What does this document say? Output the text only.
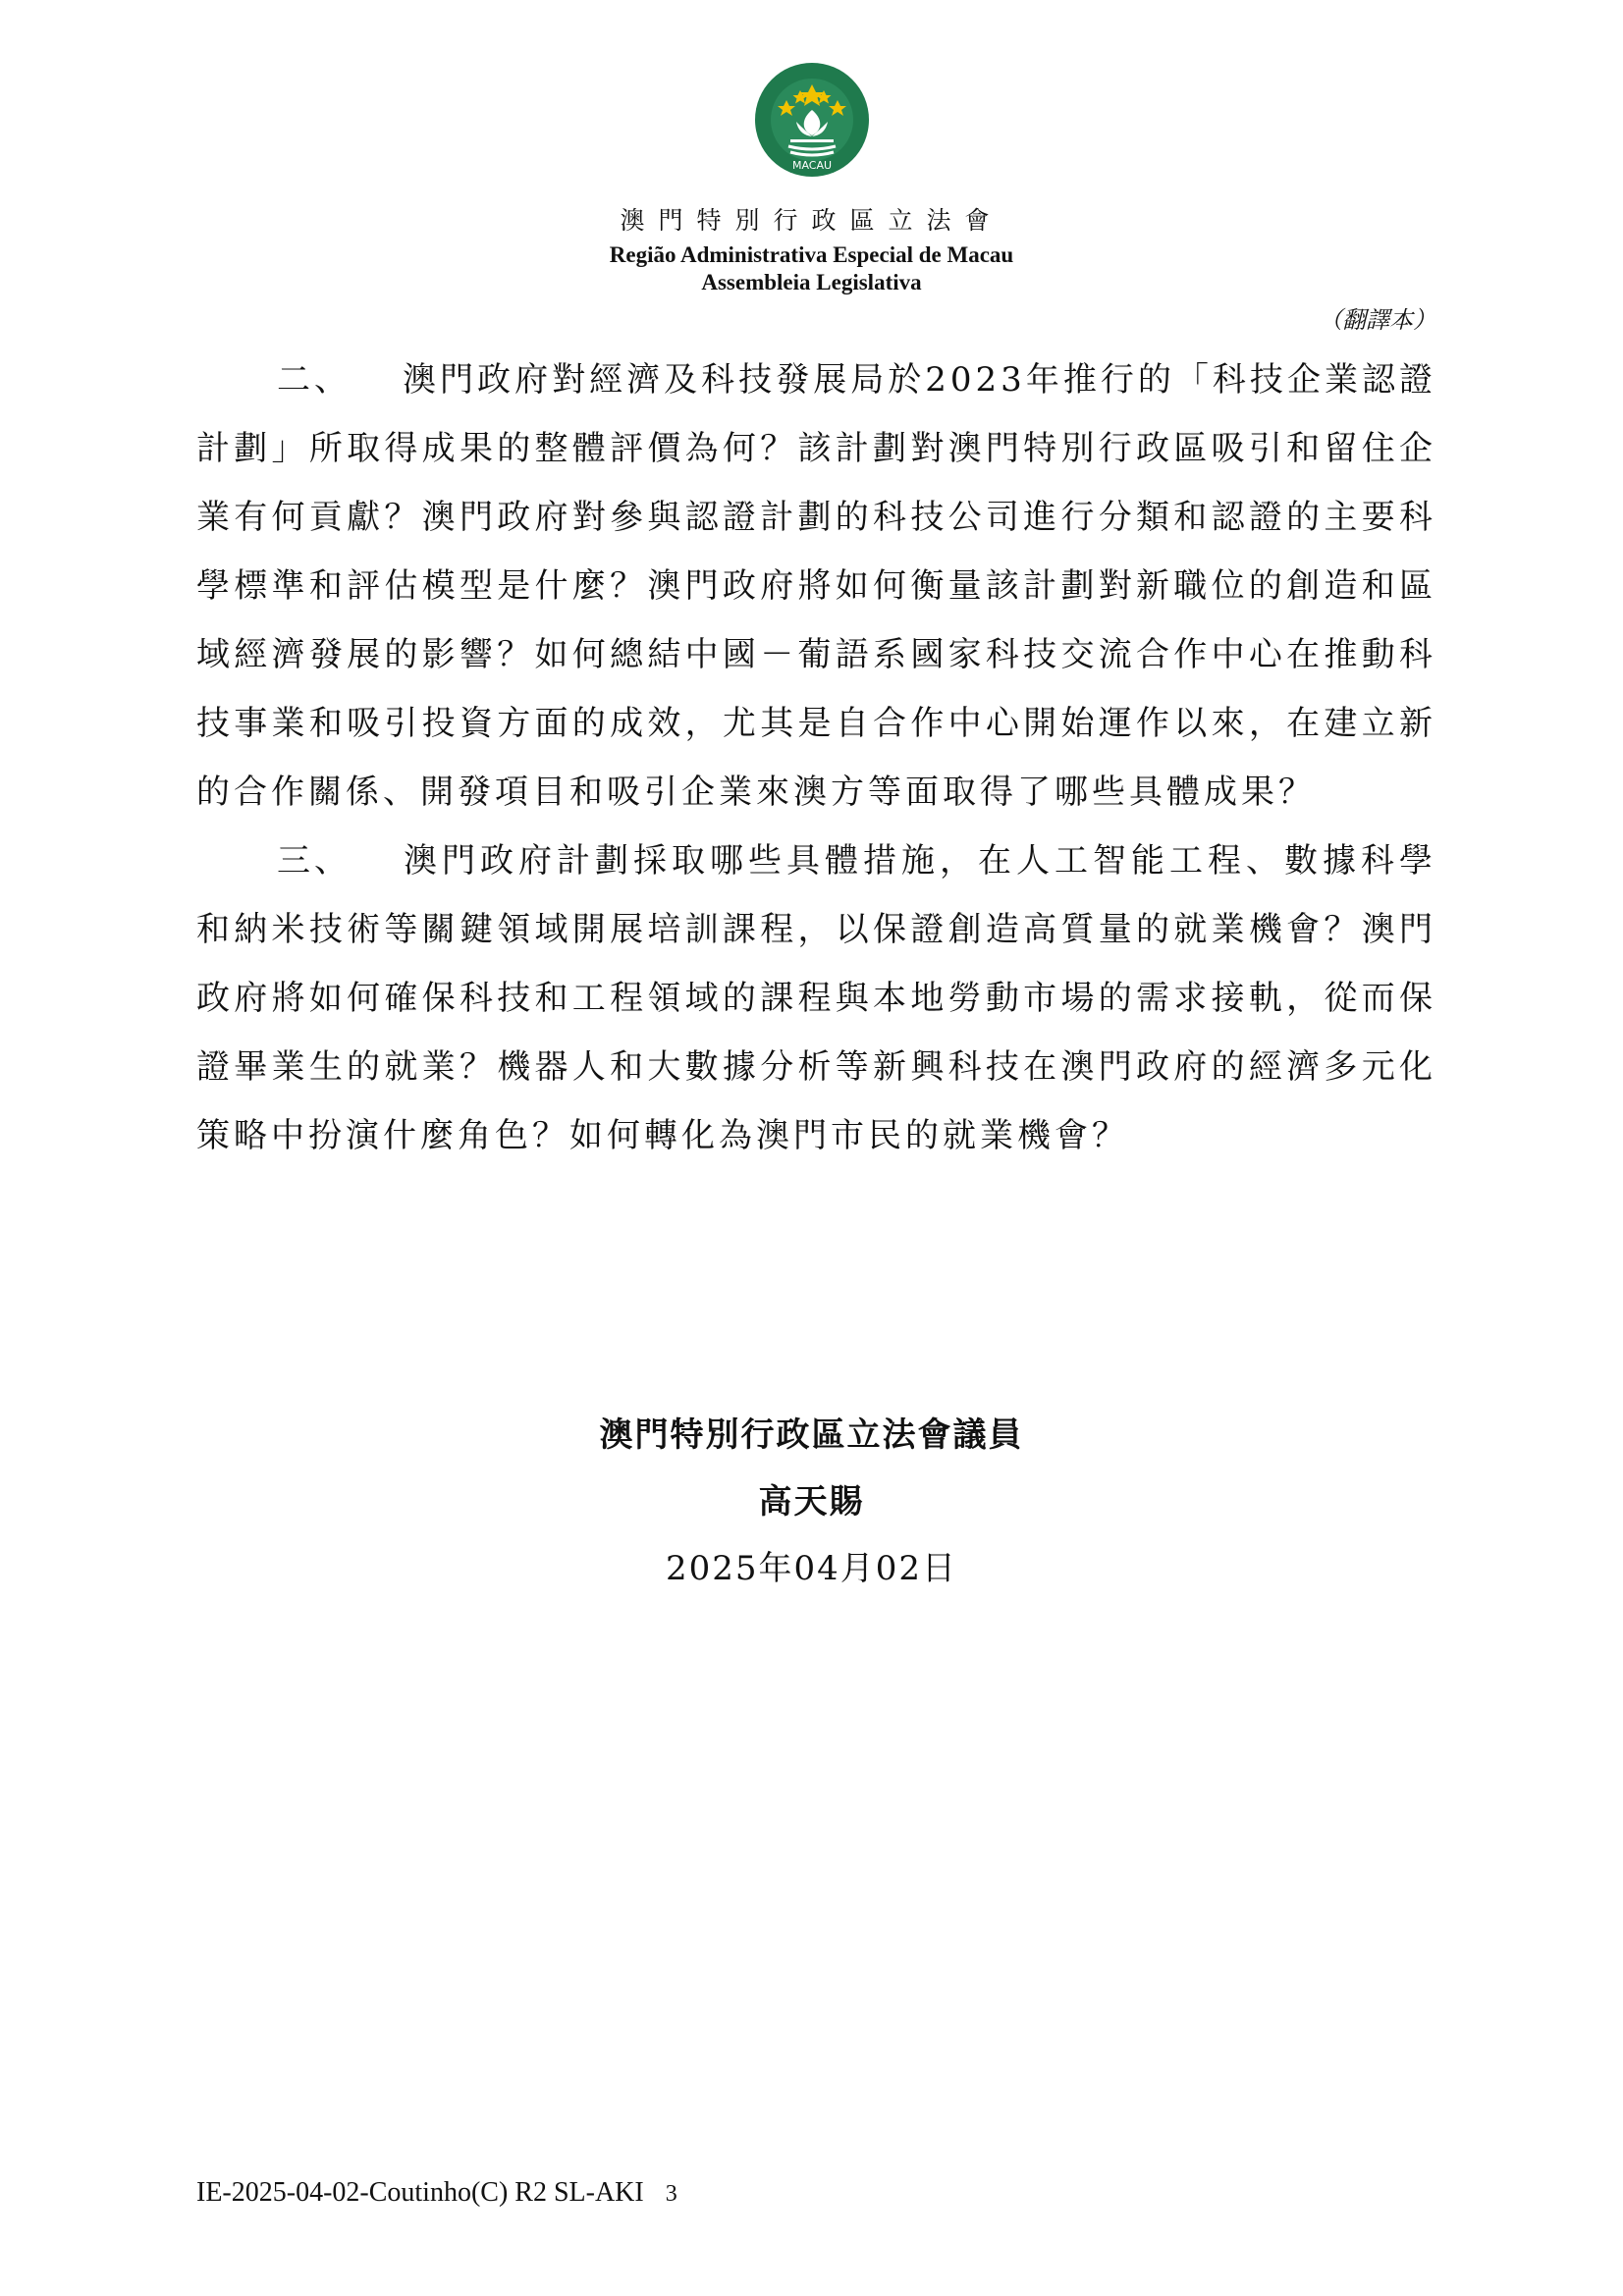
MACAU
澳門特別行政區立法會
Região Administrativa Especial de Macau
Assembleia Legislativa
（翻譯本）

二、 澳門政府對經濟及科技發展局於2023年推行的「科技企業認證計劃」所取得成果的整體評價為何？該計劃對澳門特別行政區吸引和留住企業有何貢獻？澳門政府對參與認證計劃的科技公司進行分類和認證的主要科學標準和評估模型是什麼？澳門政府將如何衡量該計劃對新職位的創造和區域經濟發展的影響？如何總結中國－葡語系國家科技交流合作中心在推動科技事業和吸引投資方面的成效，尤其是自合作中心開始運作以來，在建立新的合作關係、開發項目和吸引企業來澳方等面取得了哪些具體成果？

三、 澳門政府計劃採取哪些具體措施，在人工智能工程、數據科學和納米技術等關鍵領域開展培訓課程，以保證創造高質量的就業機會？澳門政府將如何確保科技和工程領域的課程與本地勞動市場的需求接軌，從而保證畢業生的就業？機器人和大數據分析等新興科技在澳門政府的經濟多元化策略中扮演什麼角色？如何轉化為澳門市民的就業機會？

澳門特別行政區立法會議員
高天賜
2025年04月02日
IE-2025-04-02-Coutinho(C) R2 SL-AKI 3
